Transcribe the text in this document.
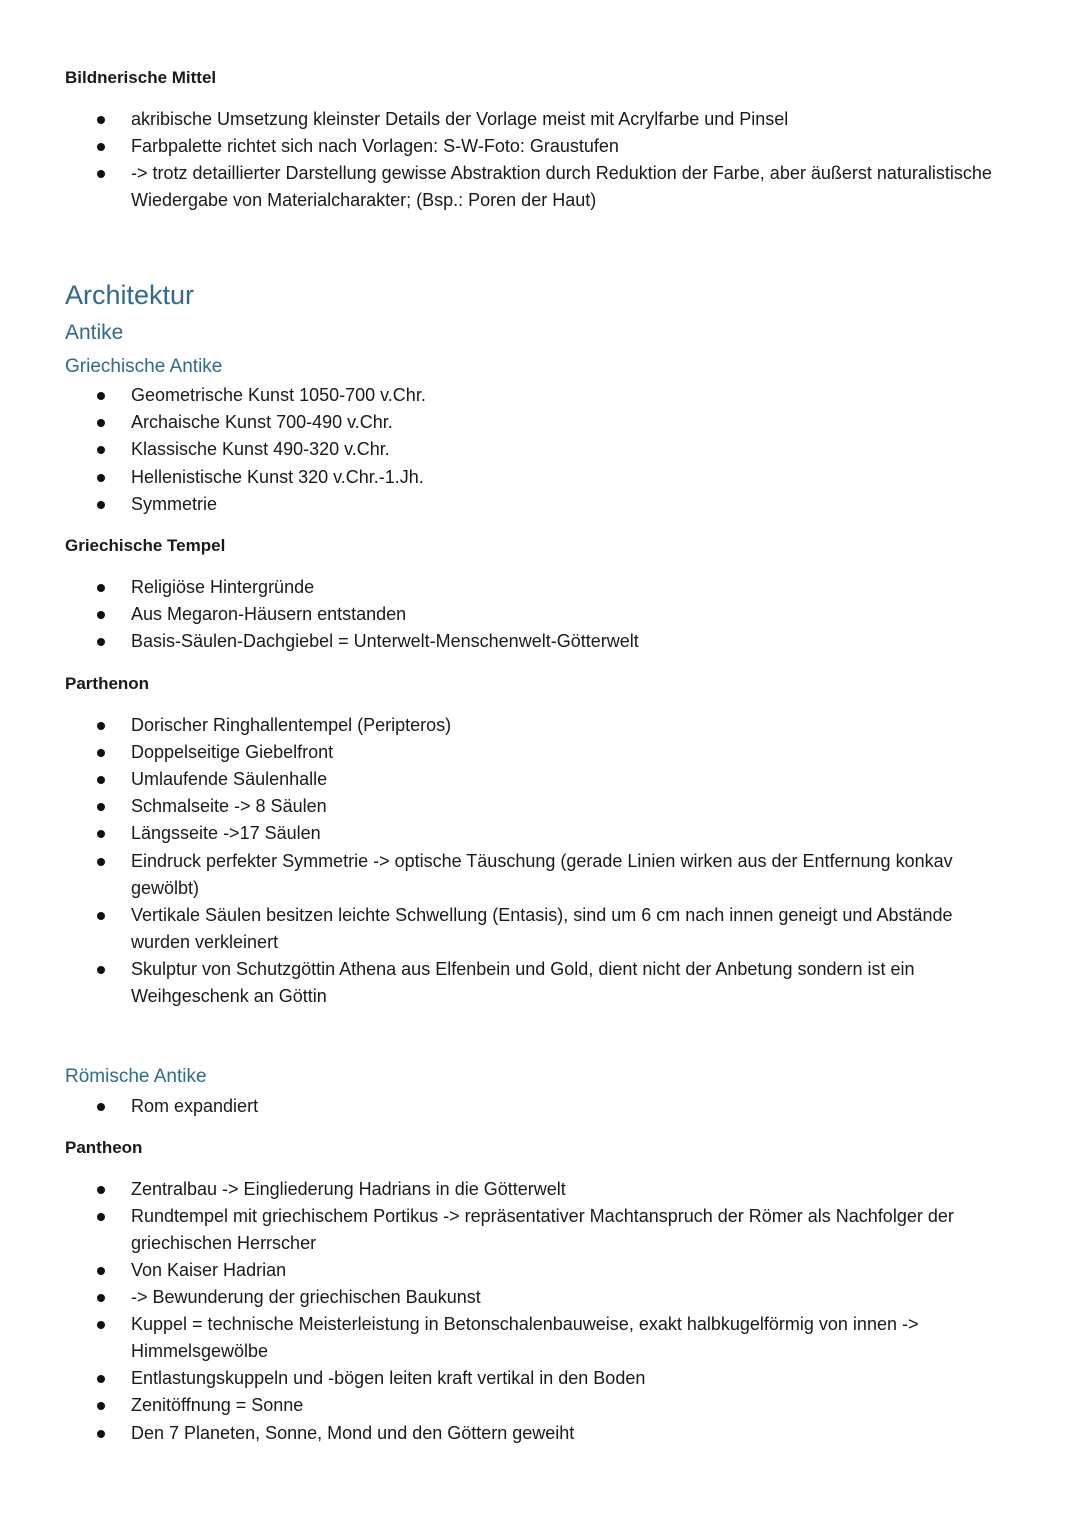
Bildnerische Mittel
akribische Umsetzung kleinster Details der Vorlage meist mit Acrylfarbe und Pinsel
Farbpalette richtet sich nach Vorlagen: S-W-Foto: Graustufen
-> trotz detaillierter Darstellung gewisse Abstraktion durch Reduktion der Farbe, aber äußerst naturalistische
Wiedergabe von Materialcharakter; (Bsp.: Poren der Haut)
Architektur
Antike
Griechische Antike
Geometrische Kunst 1050-700 v.Chr.
Archaische Kunst 700-490 v.Chr.
Klassische Kunst 490-320 v.Chr.
Hellenistische Kunst 320 v.Chr.-1.Jh.
Symmetrie
Griechische Tempel
Religiöse Hintergründe
Aus Megaron-Häusern entstanden
Basis-Säulen-Dachgiebel = Unterwelt-Menschenwelt-Götterwelt
Parthenon
Dorischer Ringhallentempel (Peripteros)
Doppelseitige Giebelfront
Umlaufende Säulenhalle
Schmalseite -> 8 Säulen
Längsseite ->17 Säulen
Eindruck perfekter Symmetrie -> optische Täuschung (gerade Linien wirken aus der Entfernung konkav
gewölbt)
Vertikale Säulen besitzen leichte Schwellung (Entasis), sind um 6 cm nach innen geneigt und Abstände
wurden verkleinert
Skulptur von Schutzgöttin Athena aus Elfenbein und Gold, dient nicht der Anbetung sondern ist ein
Weihgeschenk an Göttin
Römische Antike
Rom expandiert
Pantheon
Zentralbau -> Eingliederung Hadrians in die Götterwelt
Rundtempel mit griechischem Portikus -> repräsentativer Machtanspruch der Römer als Nachfolger der
griechischen Herrscher
Von Kaiser Hadrian
-> Bewunderung der griechischen Baukunst
Kuppel = technische Meisterleistung in Betonschalenbauweise, exakt halbkugelförmig von innen ->
Himmelsgewölbe
Entlastungskuppeln und -bögen leiten kraft vertikal in den Boden
Zenitöffnung = Sonne
Den 7 Planeten, Sonne, Mond und den Göttern geweiht
